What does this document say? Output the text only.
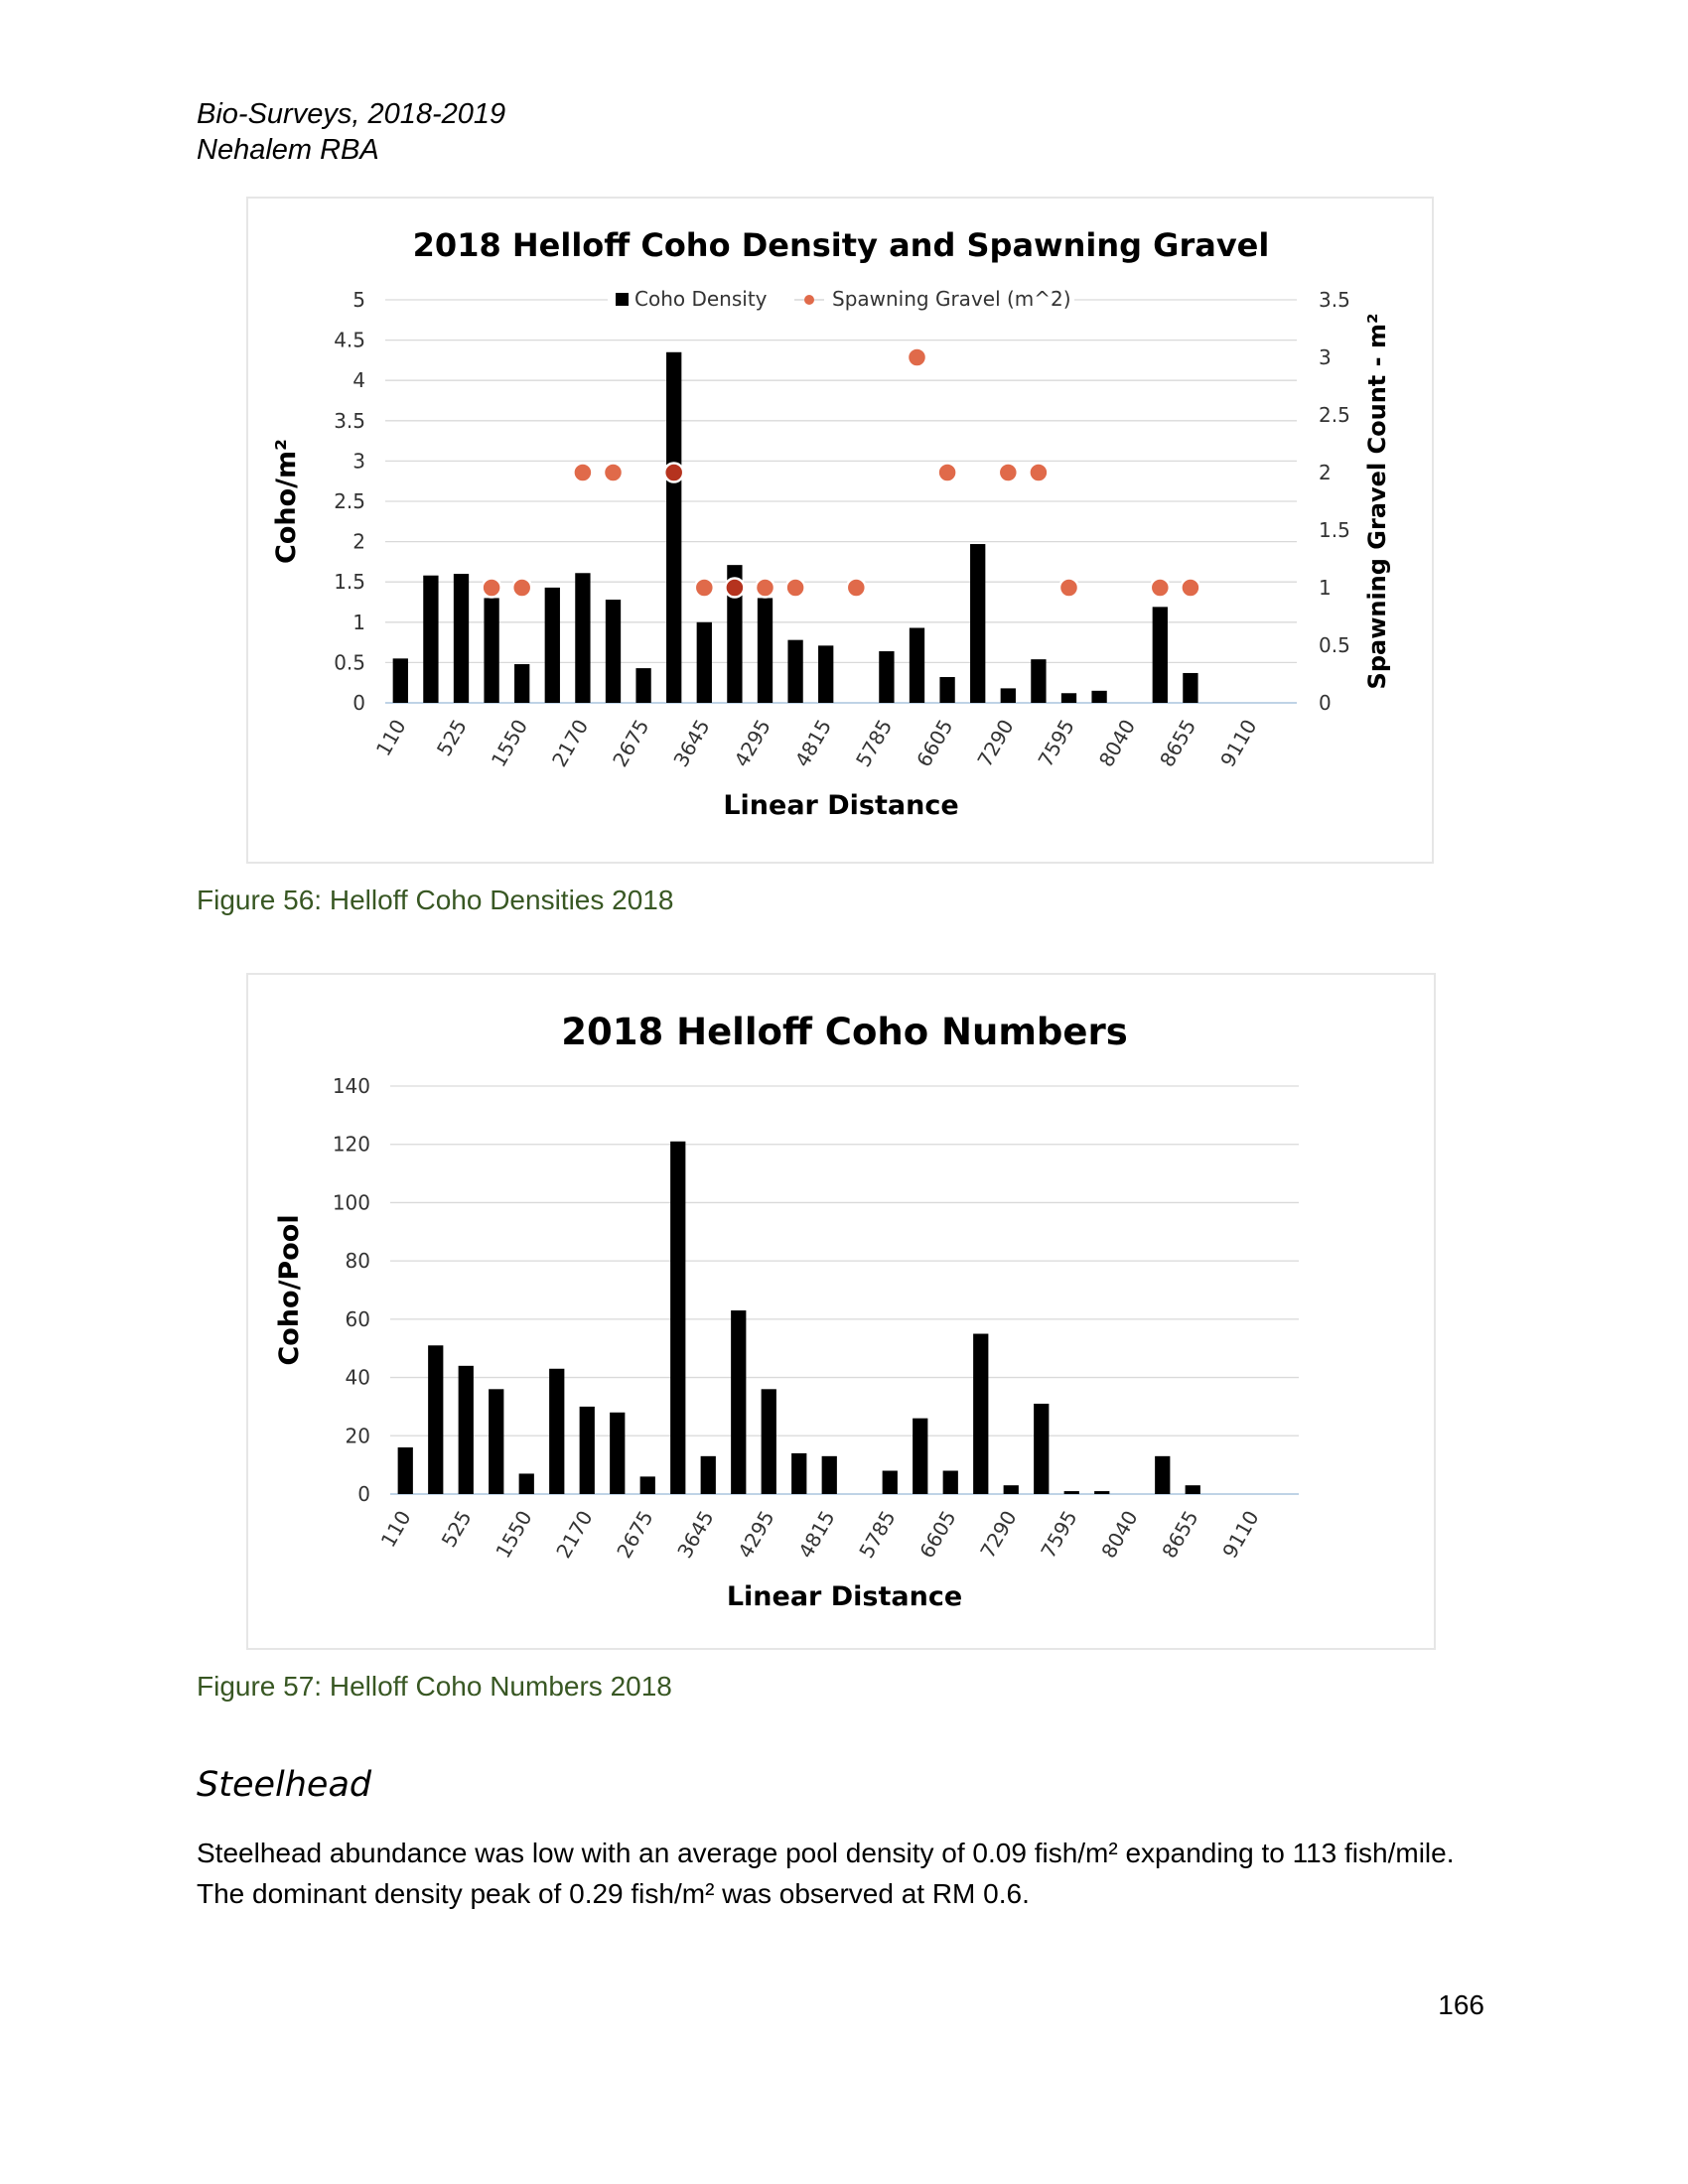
Bio-Surveys, 2018-2019
Nehalem RBA
2018 Helloff Coho Density and Spawning Gravel
0
0.5
1
1.5
2
2.5
3
3.5
4
4.5
5
0
0.5
1
1.5
2
2.5
3
3.5
110 525 1550 2170 2675 3645 4295 4815 5785 6605 7290 7595 8040 8655 9110
Linear Distance
Coho/m²	Spawning Gravel Count - m²
Coho Density	Spawning Gravel (m^2)
Figure 56: Helloff Coho Densities 2018
2018 Helloff Coho Numbers
0
20
40
60
80
100
120
140
110 525 1550 2170 2675 3645 4295 4815 5785 6605 7290 7595 8040 8655 9110
Linear Distance
Coho/Pool
Figure 57: Helloff Coho Numbers 2018
Steelhead
Steelhead abundance was low with an average pool density of 0.09 fish/m² expanding to 113 fish/mile. The dominant density peak of 0.29 fish/m² was observed at RM 0.6.
166
